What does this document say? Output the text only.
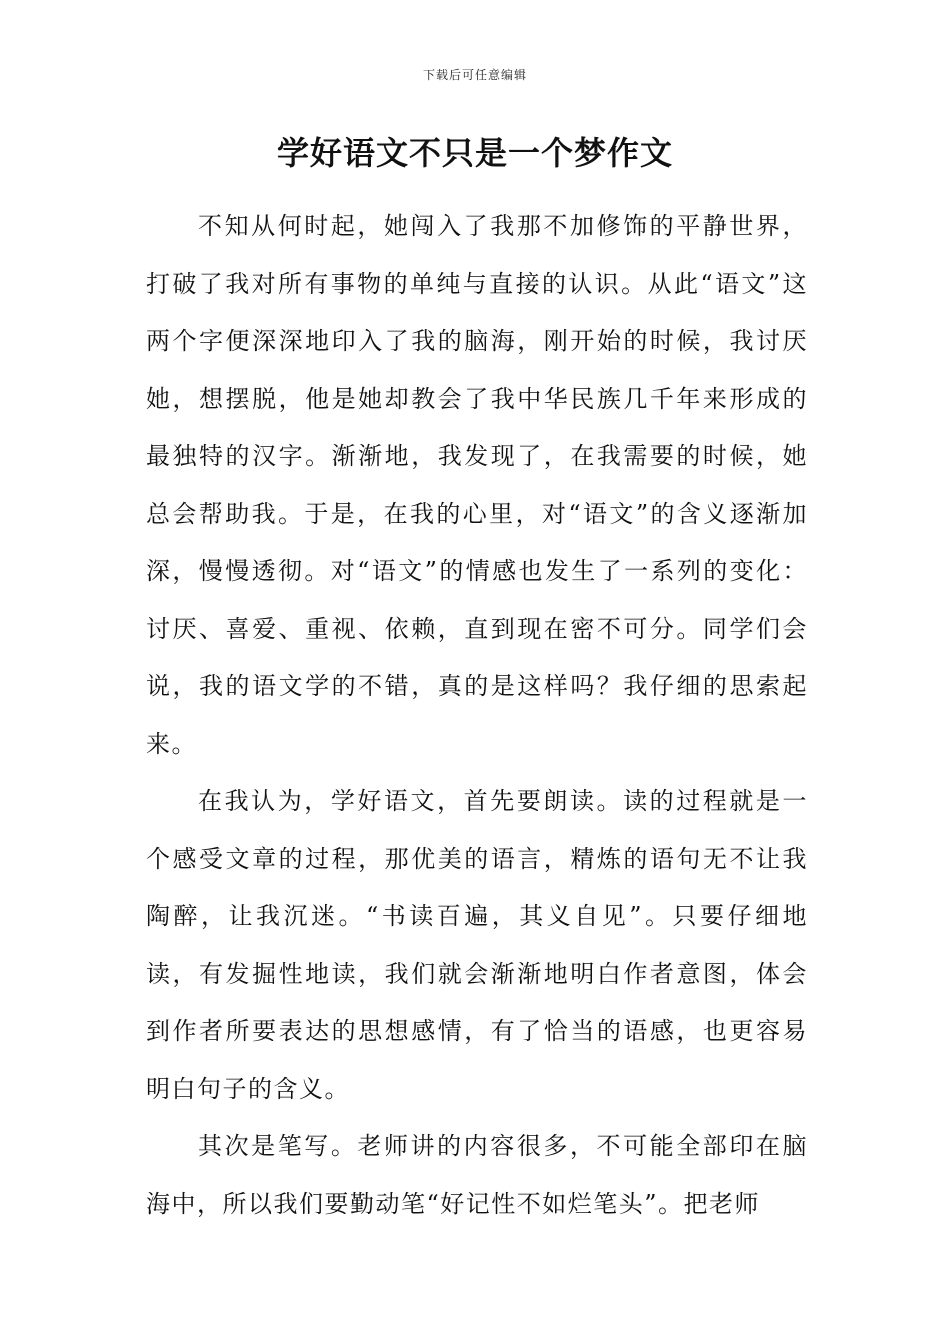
下载后可任意编辑
学好语文不只是一个梦作文

不知从何时起，她闯入了我那不加修饰的平静世界，打破了我对所有事物的单纯与直接的认识。从此“语文”这两个字便深深地印入了我的脑海，刚开始的时候，我讨厌她，想摆脱，他是她却教会了我中华民族几千年来形成的最独特的汉字。渐渐地，我发现了，在我需要的时候，她总会帮助我。于是，在我的心里，对“语文”的含义逐渐加深，慢慢透彻。对“语文”的情感也发生了一系列的变化：讨厌、喜爱、重视、依赖，直到现在密不可分。同学们会说，我的语文学的不错，真的是这样吗？我仔细的思索起来。

在我认为，学好语文，首先要朗读。读的过程就是一个感受文章的过程，那优美的语言，精炼的语句无不让我陶醉，让我沉迷。“书读百遍，其义自见”。只要仔细地读，有发掘性地读，我们就会渐渐地明白作者意图，体会到作者所要表达的思想感情，有了恰当的语感，也更容易明白句子的含义。

其次是笔写。老师讲的内容很多，不可能全部印在脑海中，所以我们要勤动笔“好记性不如烂笔头”。把老师
